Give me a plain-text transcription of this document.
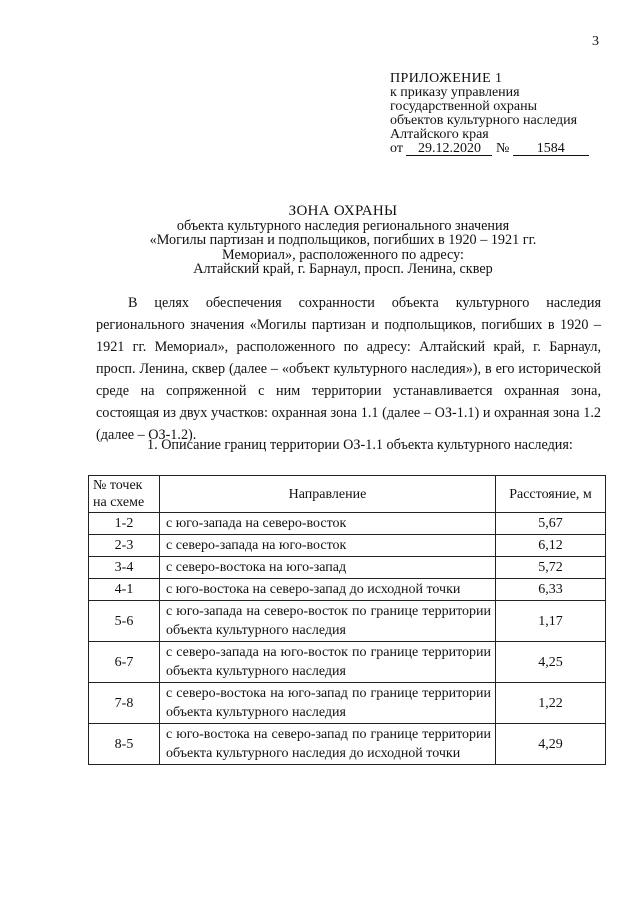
3
ПРИЛОЖЕНИЕ 1
к приказу управления
государственной охраны
объектов культурного наследия
Алтайского края
от 29.12.2020 № 1584
ЗОНА ОХРАНЫ
объекта культурного наследия регионального значения
«Могилы партизан и подпольщиков, погибших в 1920 – 1921 гг.
Мемориал», расположенного по адресу:
Алтайский край, г. Барнаул, просп. Ленина, сквер

В целях обеспечения сохранности объекта культурного наследия регионального значения «Могилы партизан и подпольщиков, погибших в 1920 – 1921 гг. Мемориал», расположенного по адресу: Алтайский край, г. Барнаул, просп. Ленина, сквер (далее – «объект культурного наследия»), в его исторической среде на сопряженной с ним территории устанавливается охранная зона, состоящая из двух участков: охранная зона 1.1 (далее – ОЗ-1.1) и охранная зона 1.2 (далее – ОЗ-1.2).

1. Описание границ территории ОЗ-1.1 объекта культурного наследия:
№ точек на схеме	Направление	Расстояние, м
1-2	с юго-запада на северо-восток	5,67
2-3	с северо-запада на юго-восток	6,12
3-4	с северо-востока на юго-запад	5,72
4-1	с юго-востока на северо-запад до исходной точки	6,33
5-6	с юго-запада на северо-восток по границе территории объекта культурного наследия	1,17
6-7	с северо-запада на юго-восток по границе территории объекта культурного наследия	4,25
7-8	с северо-востока на юго-запад по границе территории объекта культурного наследия	1,22
8-5	с юго-востока на северо-запад по границе территории объекта культурного наследия до исходной точки	4,29
